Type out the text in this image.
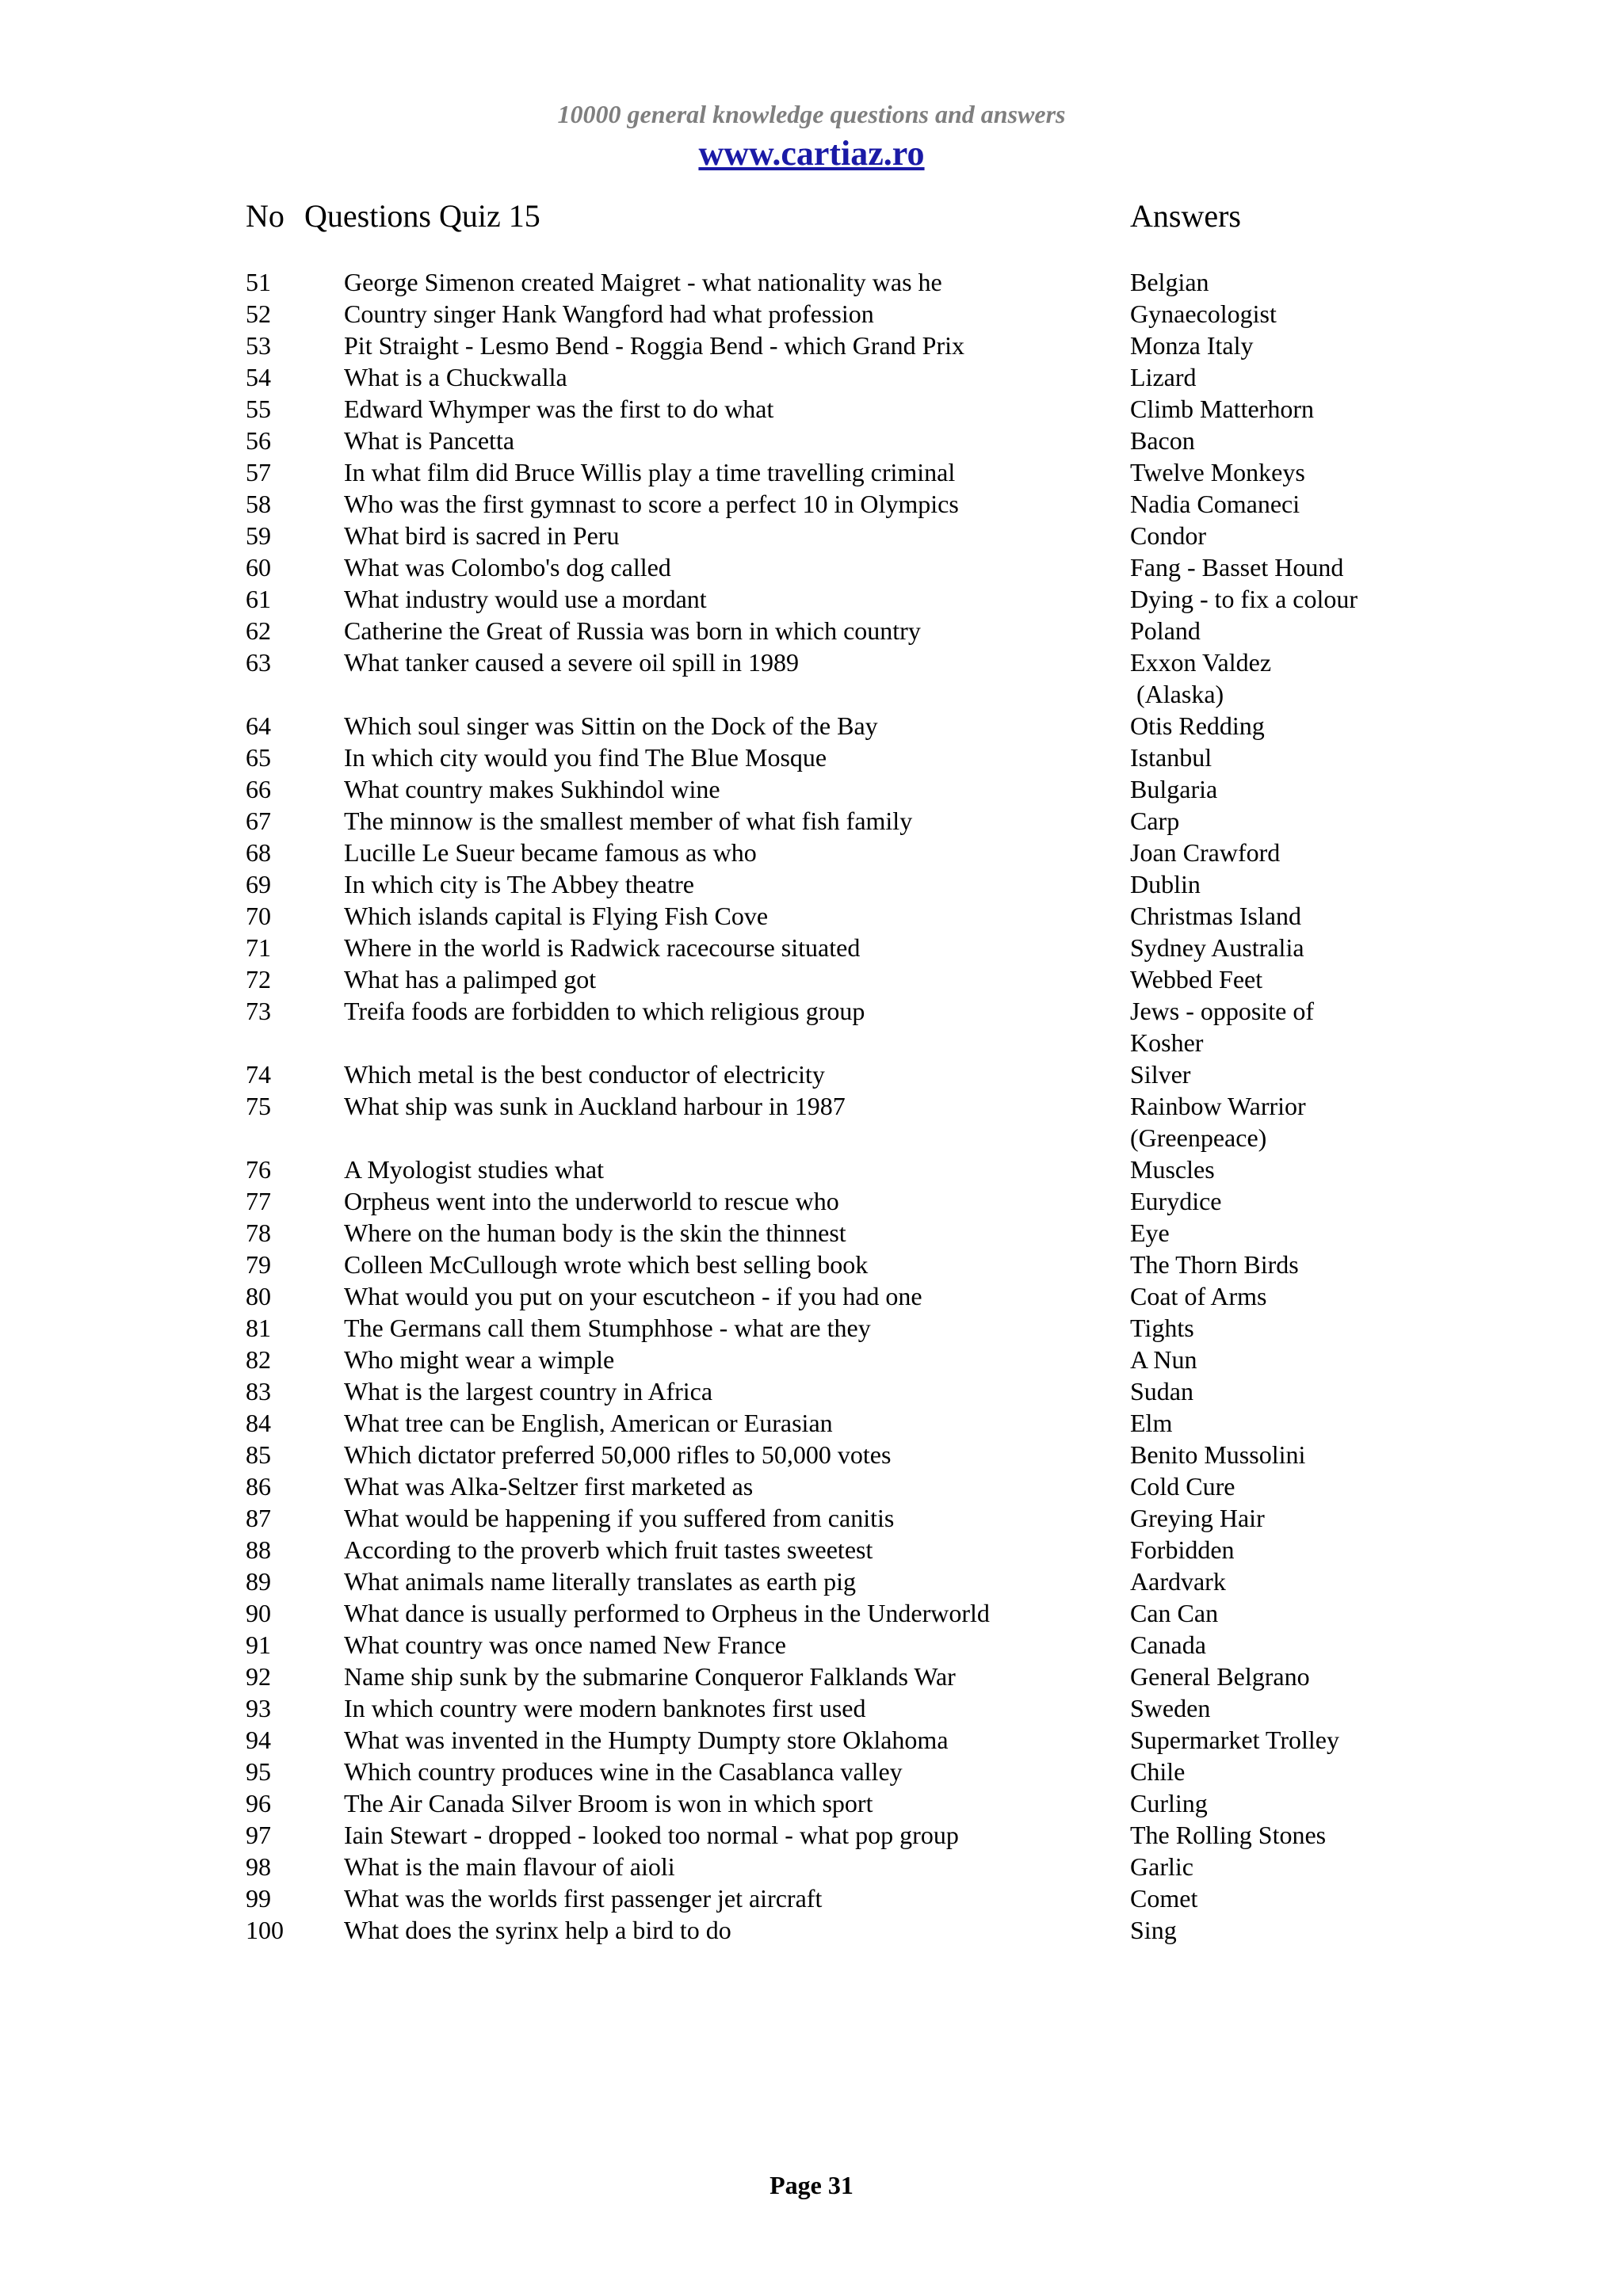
10000 general knowledge questions and answers
www.cartiaz.ro
No Questions Quiz 15	Answers
51	George Simenon created Maigret - what nationality was he	Belgian
52	Country singer Hank Wangford had what profession	Gynaecologist
53	Pit Straight - Lesmo Bend - Roggia Bend - which Grand Prix	Monza Italy
54	What is a Chuckwalla	Lizard
55	Edward Whymper was the first to do what	Climb Matterhorn
56	What is Pancetta	Bacon
57	In what film did Bruce Willis play a time travelling criminal	Twelve Monkeys
58	Who was the first gymnast to score a perfect 10 in Olympics	Nadia Comaneci
59	What bird is sacred in Peru	Condor
60	What was Colombo's dog called	Fang - Basset Hound
61	What industry would use a mordant	Dying - to fix a colour
62	Catherine the Great of Russia was born in which country	Poland
63	What tanker caused a severe oil spill in 1989	Exxon Valdez
(Alaska)
64	Which soul singer was Sittin on the Dock of the Bay	Otis Redding
65	In which city would you find The Blue Mosque	Istanbul
66	What country makes Sukhindol wine	Bulgaria
67	The minnow is the smallest member of what fish family	Carp
68	Lucille Le Sueur became famous as who	Joan Crawford
69	In which city is The Abbey theatre	Dublin
70	Which islands capital is Flying Fish Cove	Christmas Island
71	Where in the world is Radwick racecourse situated	Sydney Australia
72	What has a palimped got	Webbed Feet
73	Treifa foods are forbidden to which religious group	Jews - opposite of
Kosher
74	Which metal is the best conductor of electricity	Silver
75	What ship was sunk in Auckland harbour in 1987	Rainbow Warrior
(Greenpeace)
76	A Myologist studies what	Muscles
77	Orpheus went into the underworld to rescue who	Eurydice
78	Where on the human body is the skin the thinnest	Eye
79	Colleen McCullough wrote which best selling book	The Thorn Birds
80	What would you put on your escutcheon - if you had one	Coat of Arms
81	The Germans call them Stumphhose - what are they	Tights
82	Who might wear a wimple	A Nun
83	What is the largest country in Africa	Sudan
84	What tree can be English, American or Eurasian	Elm
85	Which dictator preferred 50,000 rifles to 50,000 votes	Benito Mussolini
86	What was Alka-Seltzer first marketed as	Cold Cure
87	What would be happening if you suffered from canitis	Greying Hair
88	According to the proverb which fruit tastes sweetest	Forbidden
89	What animals name literally translates as earth pig	Aardvark
90	What dance is usually performed to Orpheus in the Underworld	Can Can
91	What country was once named New France	Canada
92	Name ship sunk by the submarine Conqueror Falklands War	General Belgrano
93	In which country were modern banknotes first used	Sweden
94	What was invented in the Humpty Dumpty store Oklahoma	Supermarket Trolley
95	Which country produces wine in the Casablanca valley	Chile
96	The Air Canada Silver Broom is won in which sport	Curling
97	Iain Stewart - dropped - looked too normal - what pop group	The Rolling Stones
98	What is the main flavour of aioli	Garlic
99	What was the worlds first passenger jet aircraft	Comet
100 What does the syrinx help a bird to do	Sing
Page 31
